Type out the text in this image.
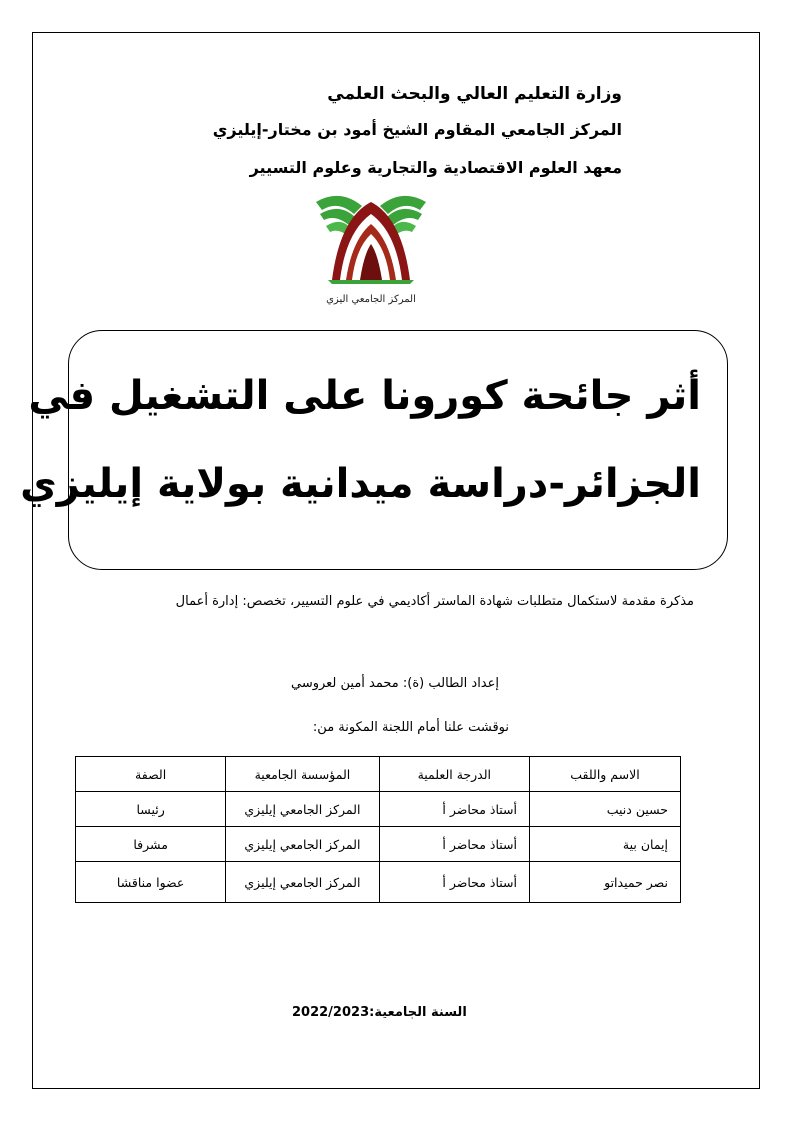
وزارة التعليم العالي والبحث العلمي
المركز الجامعي المقاوم الشيخ أمود بن مختار-إيليزي
معهد العلوم الاقتصادية والتجارية وعلوم التسيير
المركز الجامعي اليزي
أثر جائحة كورونا على التشغيل في
الجزائر-دراسة ميدانية بولاية إيليزي
مذكرة مقدمة لاستكمال متطلبات شهادة الماستر أكاديمي في علوم التسيير، تخصص: إدارة أعمال
إعداد الطالب (ة): محمد أمين لعروسي
نوقشت علنا أمام اللجنة المكونة من:
الاسم واللقب	الدرجة العلمية	المؤسسة الجامعية	الصفة
حسين دنيب	أستاذ محاضر أ	المركز الجامعي إيليزي	رئيسا
إيمان بية	أستاذ محاضر أ	المركز الجامعي إيليزي	مشرفا
نصر حميداتو	أستاذ محاضر أ	المركز الجامعي إيليزي	عضوا مناقشا
السنة الجامعية:2022/2023
